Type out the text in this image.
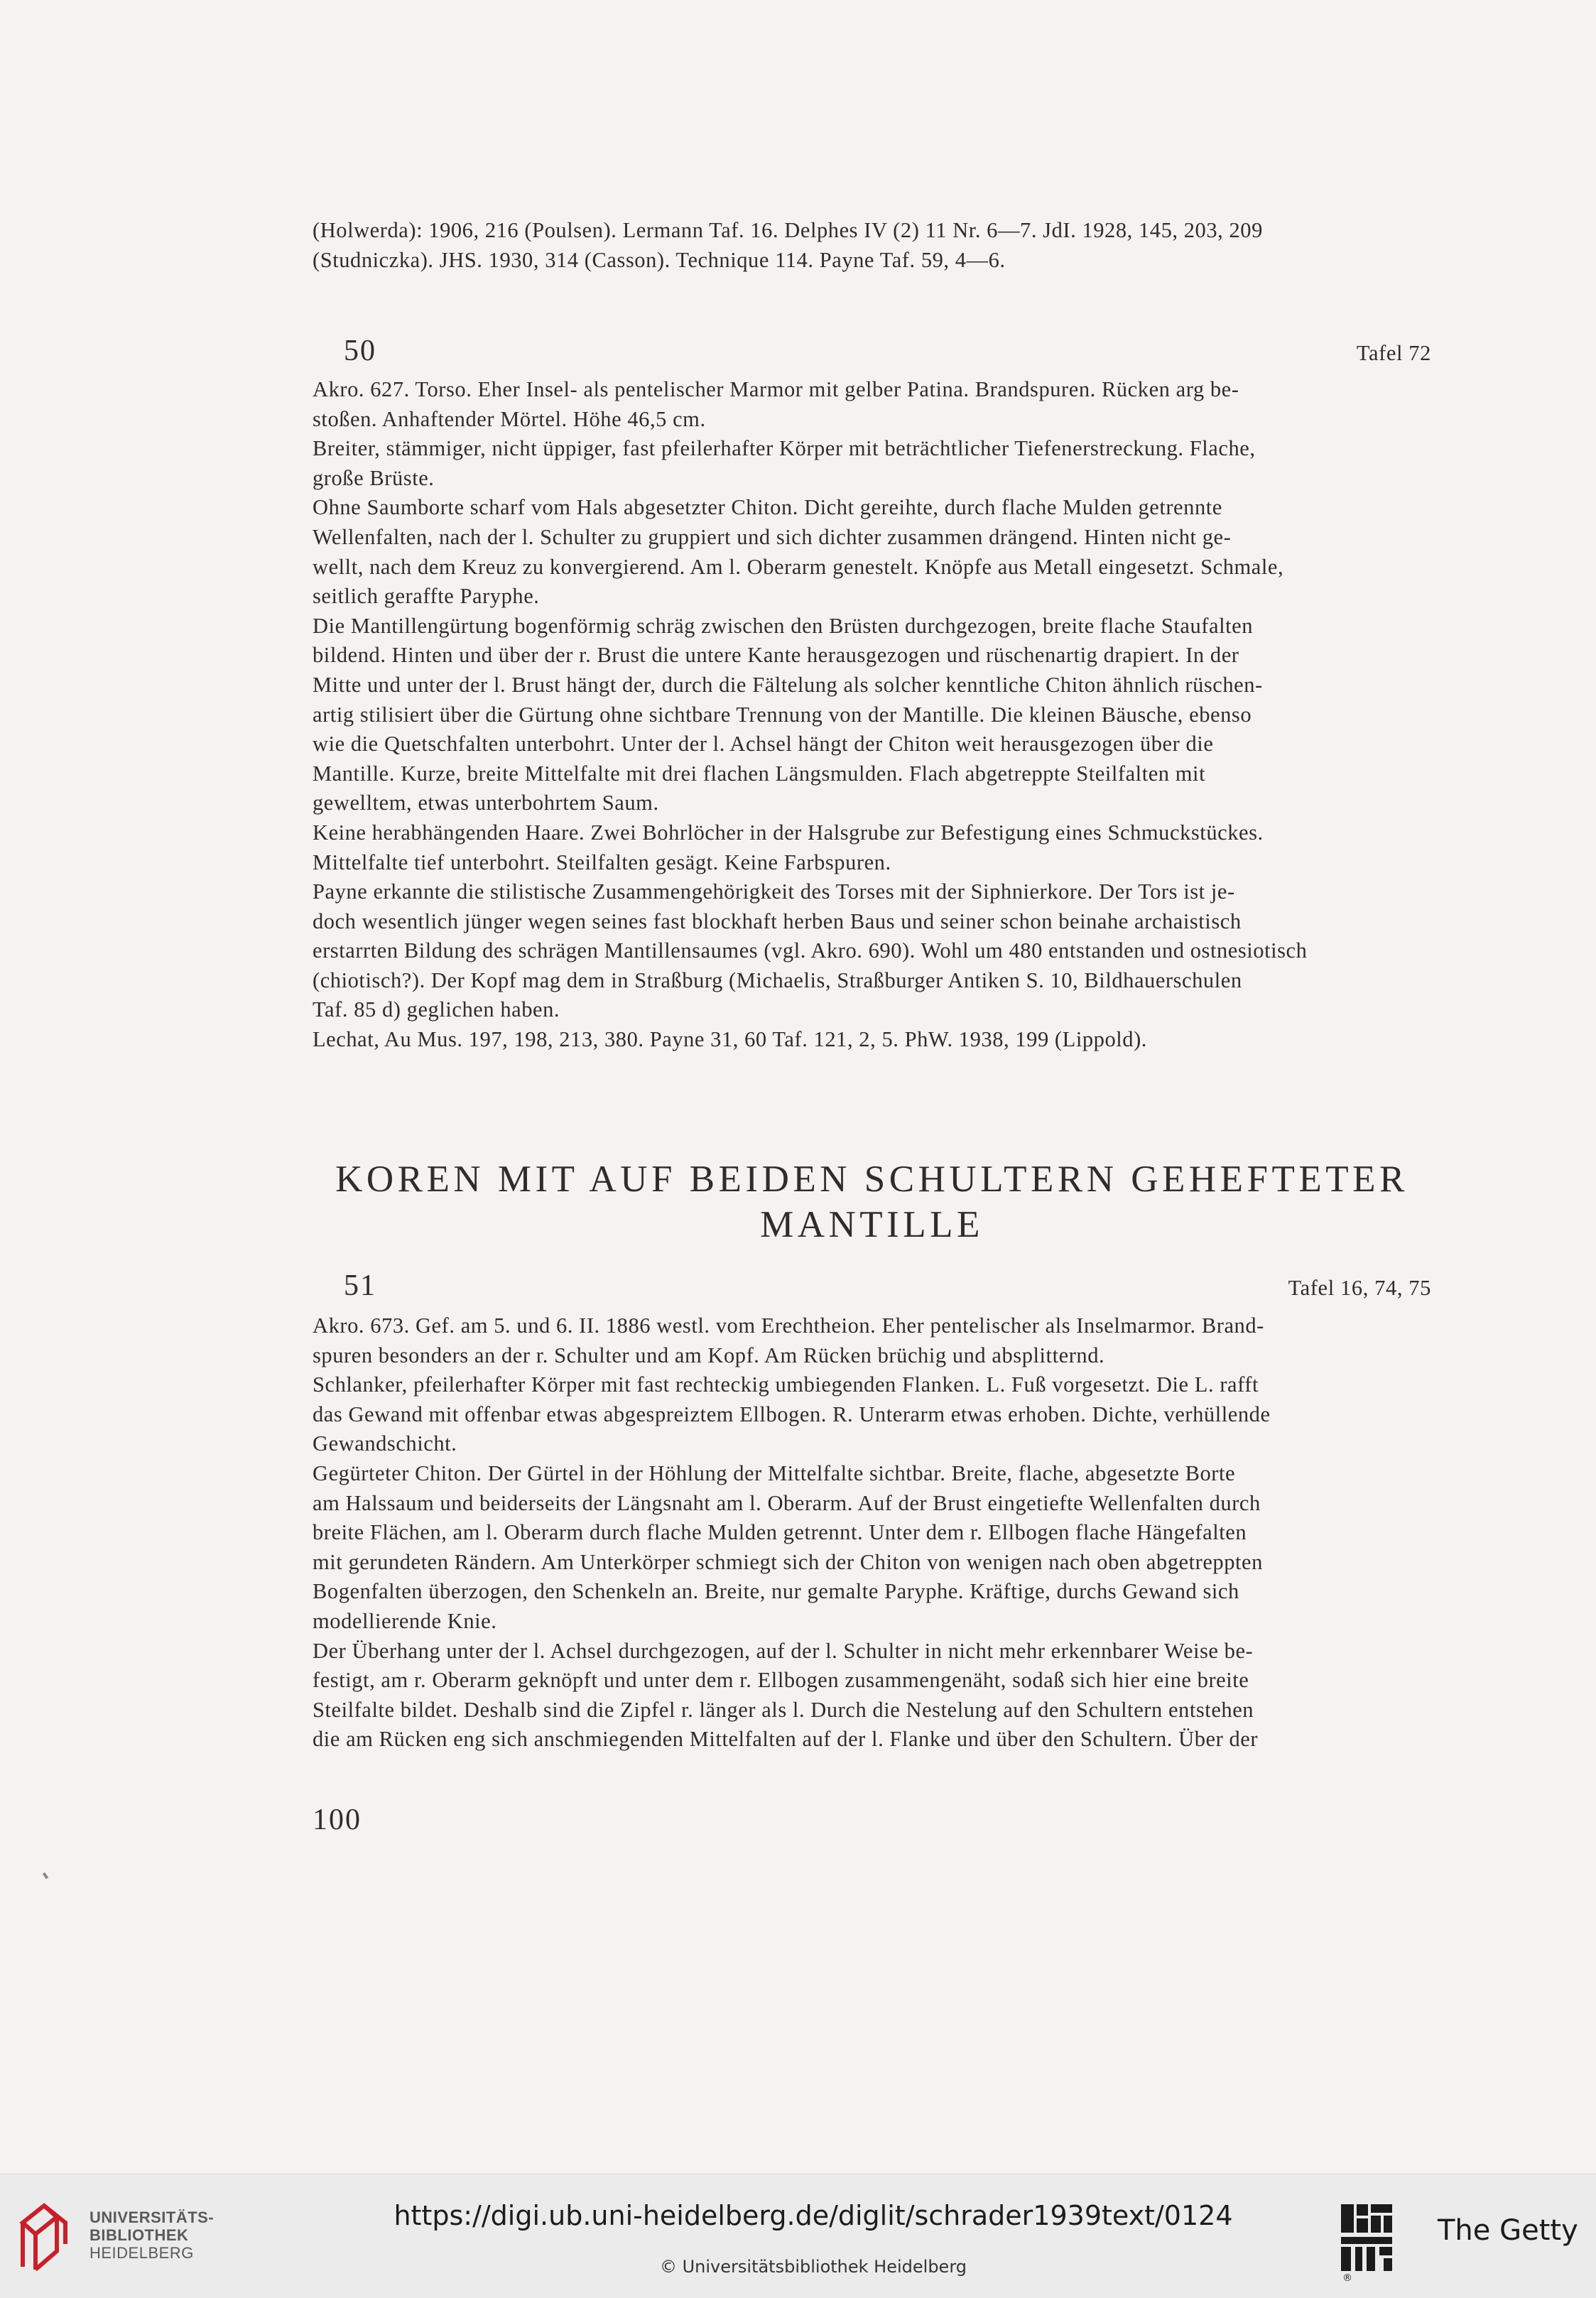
(Holwerda): 1906, 216 (Poulsen). Lermann Taf. 16. Delphes IV (2) 11 Nr. 6—7. JdI. 1928, 145, 203, 209

(Studniczka). JHS. 1930, 314 (Casson). Technique 114. Payne Taf. 59, 4—6.

50	Tafel 72

Akro. 627. Torso. Eher Insel- als pentelischer Marmor mit gelber Patina. Brandspuren. Rücken arg be-

stoßen. Anhaftender Mörtel. Höhe 46,5 cm.

Breiter, stämmiger, nicht üppiger, fast pfeilerhafter Körper mit beträchtlicher Tiefenerstreckung. Flache,

große Brüste.

Ohne Saumborte scharf vom Hals abgesetzter Chiton. Dicht gereihte, durch flache Mulden getrennte

Wellenfalten, nach der l. Schulter zu gruppiert und sich dichter zusammen drängend. Hinten nicht ge-

wellt, nach dem Kreuz zu konvergierend. Am l. Oberarm genestelt. Knöpfe aus Metall eingesetzt. Schmale,

seitlich geraffte Paryphe.

Die Mantillengürtung bogenförmig schräg zwischen den Brüsten durchgezogen, breite flache Staufalten

bildend. Hinten und über der r. Brust die untere Kante herausgezogen und rüschenartig drapiert. In der

Mitte und unter der l. Brust hängt der, durch die Fältelung als solcher kenntliche Chiton ähnlich rüschen-

artig stilisiert über die Gürtung ohne sichtbare Trennung von der Mantille. Die kleinen Bäusche, ebenso

wie die Quetschfalten unterbohrt. Unter der l. Achsel hängt der Chiton weit herausgezogen über die

Mantille. Kurze, breite Mittelfalte mit drei flachen Längsmulden. Flach abgetreppte Steilfalten mit

gewelltem, etwas unterbohrtem Saum.

Keine herabhängenden Haare. Zwei Bohrlöcher in der Halsgrube zur Befestigung eines Schmuckstückes.

Mittelfalte tief unterbohrt. Steilfalten gesägt. Keine Farbspuren.

Payne erkannte die stilistische Zusammengehörigkeit des Torses mit der Siphnierkore. Der Tors ist je-

doch wesentlich jünger wegen seines fast blockhaft herben Baus und seiner schon beinahe archaistisch

erstarrten Bildung des schrägen Mantillensaumes (vgl. Akro. 690). Wohl um 480 entstanden und ostnesiotisch

(chiotisch?). Der Kopf mag dem in Straßburg (Michaelis, Straßburger Antiken S. 10, Bildhauerschulen

Taf. 85 d) geglichen haben.

Lechat, Au Mus. 197, 198, 213, 380. Payne 31, 60 Taf. 121, 2, 5. PhW. 1938, 199 (Lippold).

KOREN MIT AUF BEIDEN SCHULTERN GEHEFTETER
MANTILLE
51	Tafel 16, 74, 75

Akro. 673. Gef. am 5. und 6. II. 1886 westl. vom Erechtheion. Eher pentelischer als Inselmarmor. Brand-

spuren besonders an der r. Schulter und am Kopf. Am Rücken brüchig und absplitternd.

Schlanker, pfeilerhafter Körper mit fast rechteckig umbiegenden Flanken. L. Fuß vorgesetzt. Die L. rafft

das Gewand mit offenbar etwas abgespreiztem Ellbogen. R. Unterarm etwas erhoben. Dichte, verhüllende

Gewandschicht.

Gegürteter Chiton. Der Gürtel in der Höhlung der Mittelfalte sichtbar. Breite, flache, abgesetzte Borte

am Halssaum und beiderseits der Längsnaht am l. Oberarm. Auf der Brust eingetiefte Wellenfalten durch

breite Flächen, am l. Oberarm durch flache Mulden getrennt. Unter dem r. Ellbogen flache Hängefalten

mit gerundeten Rändern. Am Unterkörper schmiegt sich der Chiton von wenigen nach oben abgetreppten

Bogenfalten überzogen, den Schenkeln an. Breite, nur gemalte Paryphe. Kräftige, durchs Gewand sich

modellierende Knie.

Der Überhang unter der l. Achsel durchgezogen, auf der l. Schulter in nicht mehr erkennbarer Weise be-

festigt, am r. Oberarm geknöpft und unter dem r. Ellbogen zusammengenäht, sodaß sich hier eine breite

Steilfalte bildet. Deshalb sind die Zipfel r. länger als l. Durch die Nestelung auf den Schultern entstehen

die am Rücken eng sich anschmiegenden Mittelfalten auf der l. Flanke und über den Schultern. Über der

100
UNIVERSITÄTS-
BIBLIOTHEK
HEIDELBERG
https://digi.ub.uni-heidelberg.de/diglit/schrader1939text/0124
© Universitätsbibliothek Heidelberg
®
The Getty
